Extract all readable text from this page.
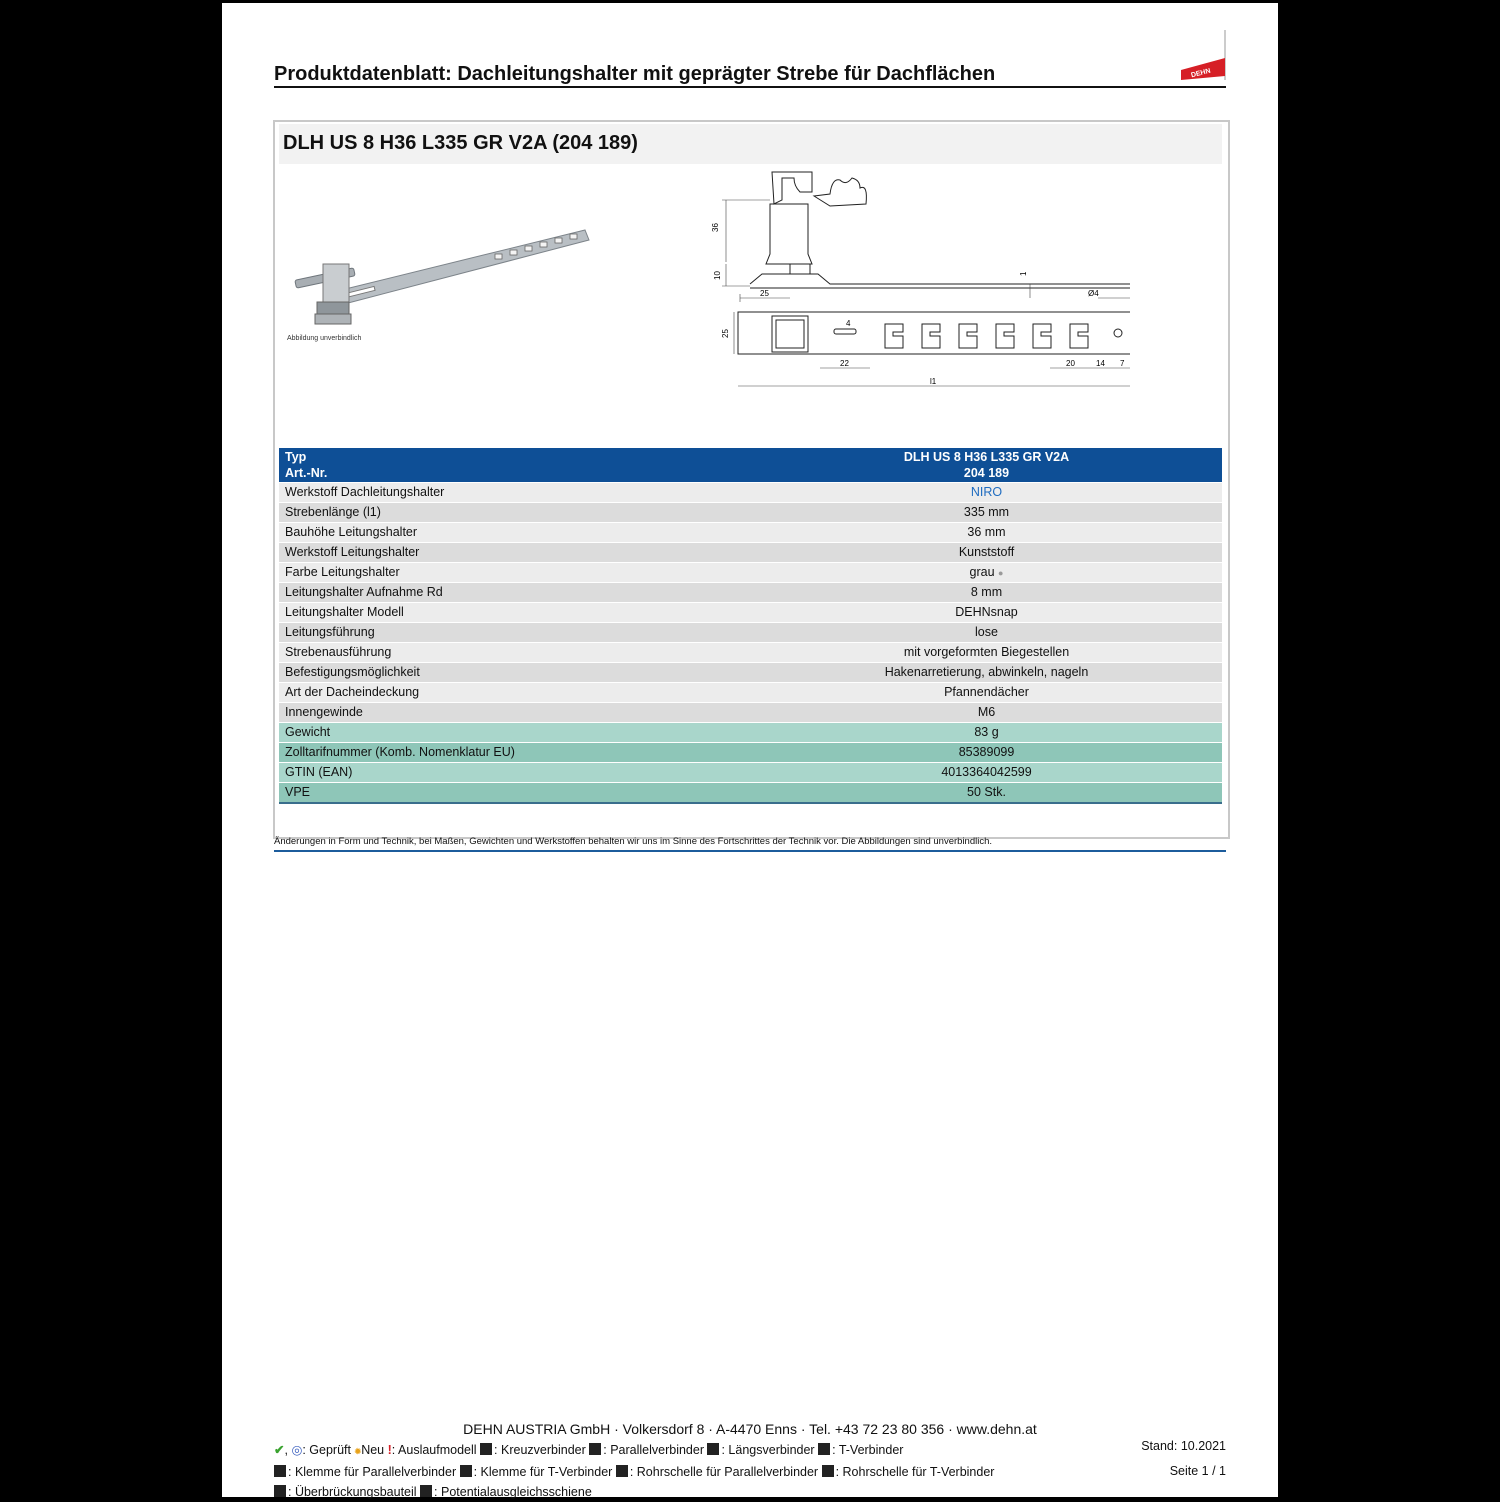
Produktdatenblatt: Dachleitungshalter mit geprägter Strebe für Dachflächen	DEHN
DLH US 8 H36 L335 GR V2A (204 189)
Abbildung unverbindlich
36
10	1
25	Ø4
25
4
22	20	14 7
l1
Typ	DLH US 8 H36 L335 GR V2A
Art.-Nr.	204 189
Werkstoff Dachleitungshalter	NIRO
Strebenlänge (l1)	335 mm
Bauhöhe Leitungshalter	36 mm
Werkstoff Leitungshalter	Kunststoff
Farbe Leitungshalter	grau ●
Leitungshalter Aufnahme Rd	8 mm
Leitungshalter Modell	DEHNsnap
Leitungsführung	lose
Strebenausführung	mit vorgeformten Biegestellen
Befestigungsmöglichkeit	Hakenarretierung, abwinkeln, nageln
Art der Dacheindeckung	Pfannendächer
Innengewinde	M6
Gewicht	83 g
Zolltarifnummer (Komb. Nomenklatur EU)	85389099
GTIN (EAN)	4013364042599
VPE	50 Stk.
Änderungen in Form und Technik, bei Maßen, Gewichten und Werkstoffen behalten wir uns im Sinne des Fortschrittes der Technik vor. Die Abbildungen sind unverbindlich.
DEHN AUSTRIA GmbH · Volkersdorf 8 · A-4470 Enns · Tel. +43 72 23 80 356 · www.dehn.at
✔, ◎: Geprüft ✹Neu !: Auslaufmodell : Kreuzverbinder : Parallelverbinder : Längsverbinder : T-Verbinder
: Klemme für Parallelverbinder : Klemme für T-Verbinder : Rohrschelle für Parallelverbinder : Rohrschelle für T-Verbinder
: Überbrückungsbauteil : Potentialausgleichsschiene
Stand: 10.2021
Seite 1 / 1
